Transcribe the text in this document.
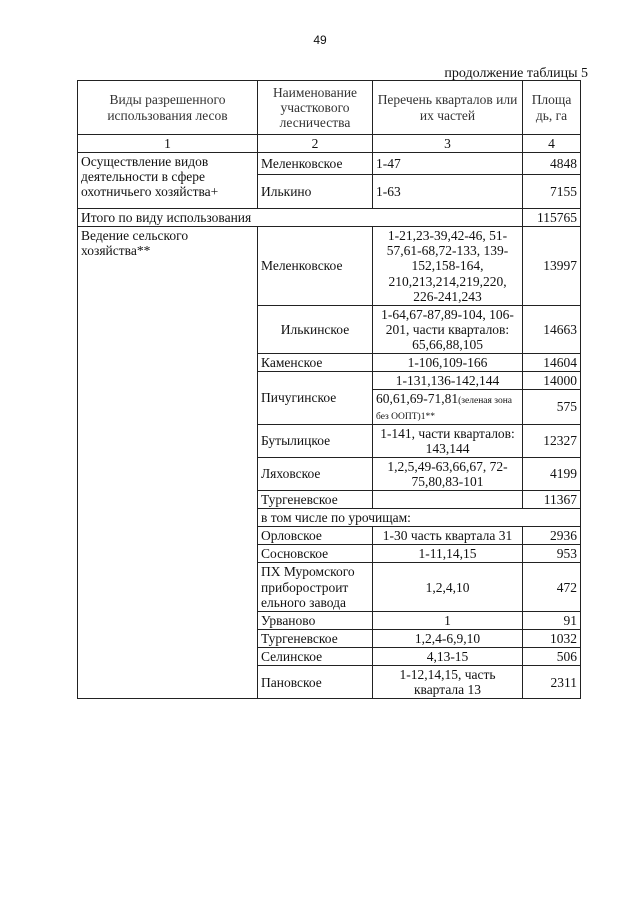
49
продолжение таблицы 5
Виды разрешенного использования лесов	Наименование участкового лесничества	Перечень кварталов или их частей	Площа дь, га
1	2	3	4
Осуществление видов деятельности в сфере охотничьего хозяйства+	Меленковское	1-47	4848
	Илькино	1-63	7155
Итого по виду использования			115765
Ведение сельского хозяйства**	Меленковское	1-21,23-39,42-46, 51-57,61-68,72-133, 139-152,158-164, 210,213,214,219,220, 226-241,243	13997
	Илькинское	1-64,67-87,89-104, 106-201, части кварталов: 65,66,88,105	14663
	Каменское	1-106,109-166	14604
	Пичугинское	1-131,136-142,144	14000
		60,61,69-71,81(зеленая зона без ООПТ)1**	575
	Бутылицкое	1-141, части кварталов: 143,144	12327
	Ляховское	1,2,5,49-63,66,67, 72-75,80,83-101	4199
	Тургеневское		11367
	в том числе по урочищам:		
	Орловское	1-30 часть квартала 31	2936
	Сосновское	1-11,14,15	953
	ПХ Муромского приборостроит ельного завода	1,2,4,10	472
	Урваново	1	91
	Тургеневское	1,2,4-6,9,10	1032
	Селинское	4,13-15	506
	Пановское	1-12,14,15, часть квартала 13	2311
